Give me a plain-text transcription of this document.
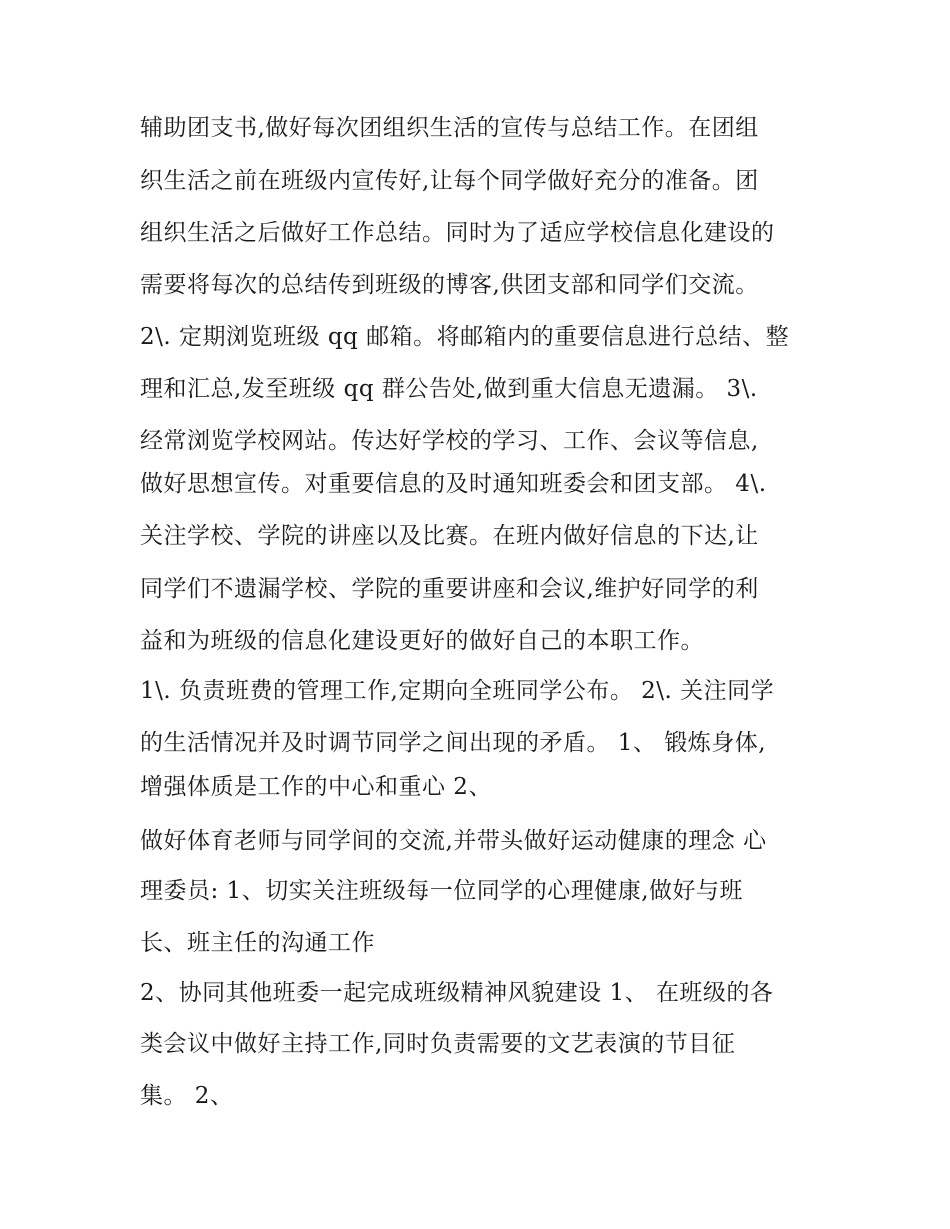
辅助团支书,做好每次团组织生活的宣传与总结工作。在团组
织生活之前在班级内宣传好,让每个同学做好充分的准备。团
组织生活之后做好工作总结。同时为了适应学校信息化建设的
需要将每次的总结传到班级的博客,供团支部和同学们交流。
2\. 定期浏览班级 qq 邮箱。将邮箱内的重要信息进行总结、整
理和汇总,发至班级 qq 群公告处,做到重大信息无遗漏。 3\.
经常浏览学校网站。传达好学校的学习、工作、会议等信息,
做好思想宣传。对重要信息的及时通知班委会和团支部。 4\.
关注学校、学院的讲座以及比赛。在班内做好信息的下达,让
同学们不遗漏学校、学院的重要讲座和会议,维护好同学的利
益和为班级的信息化建设更好的做好自己的本职工作。
1\. 负责班费的管理工作,定期向全班同学公布。 2\. 关注同学
的生活情况并及时调节同学之间出现的矛盾。 1、 锻炼身体,
增强体质是工作的中心和重心 2、
做好体育老师与同学间的交流,并带头做好运动健康的理念 心
理委员: 1、切实关注班级每一位同学的心理健康,做好与班
长、班主任的沟通工作
2、协同其他班委一起完成班级精神风貌建设 1、 在班级的各
类会议中做好主持工作,同时负责需要的文艺表演的节目征
集。 2、
